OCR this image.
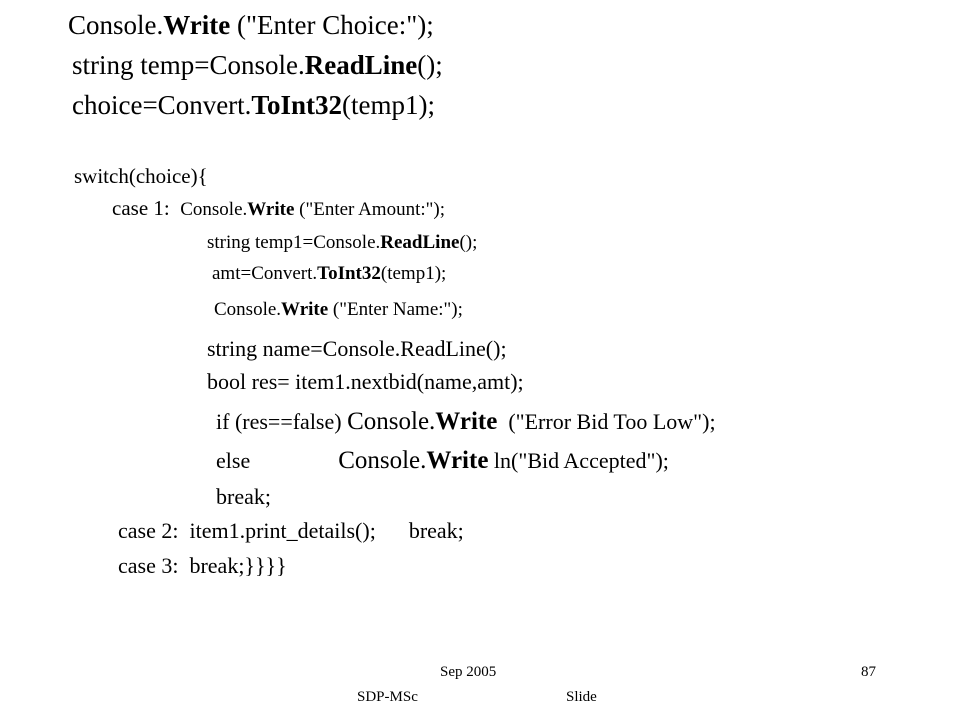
Console.Write ("Enter Choice:");
string temp=Console.ReadLine();
choice=Convert.ToInt32(temp1);
switch(choice){
case 1:  Console.Write ("Enter Amount:");
string temp1=Console.ReadLine();
amt=Convert.ToInt32(temp1);
Console.Write ("Enter Name:");
string name=Console.ReadLine();
bool res= item1.nextbid(name,amt);
if (res==false) Console.Write  ("Error Bid Too Low");
else                Console.Write ln("Bid Accepted");
break;
case 2:  item1.print_details();      break;
case 3:  break;}}}}
Sep 2005	87
SDP-MSc	Slide
